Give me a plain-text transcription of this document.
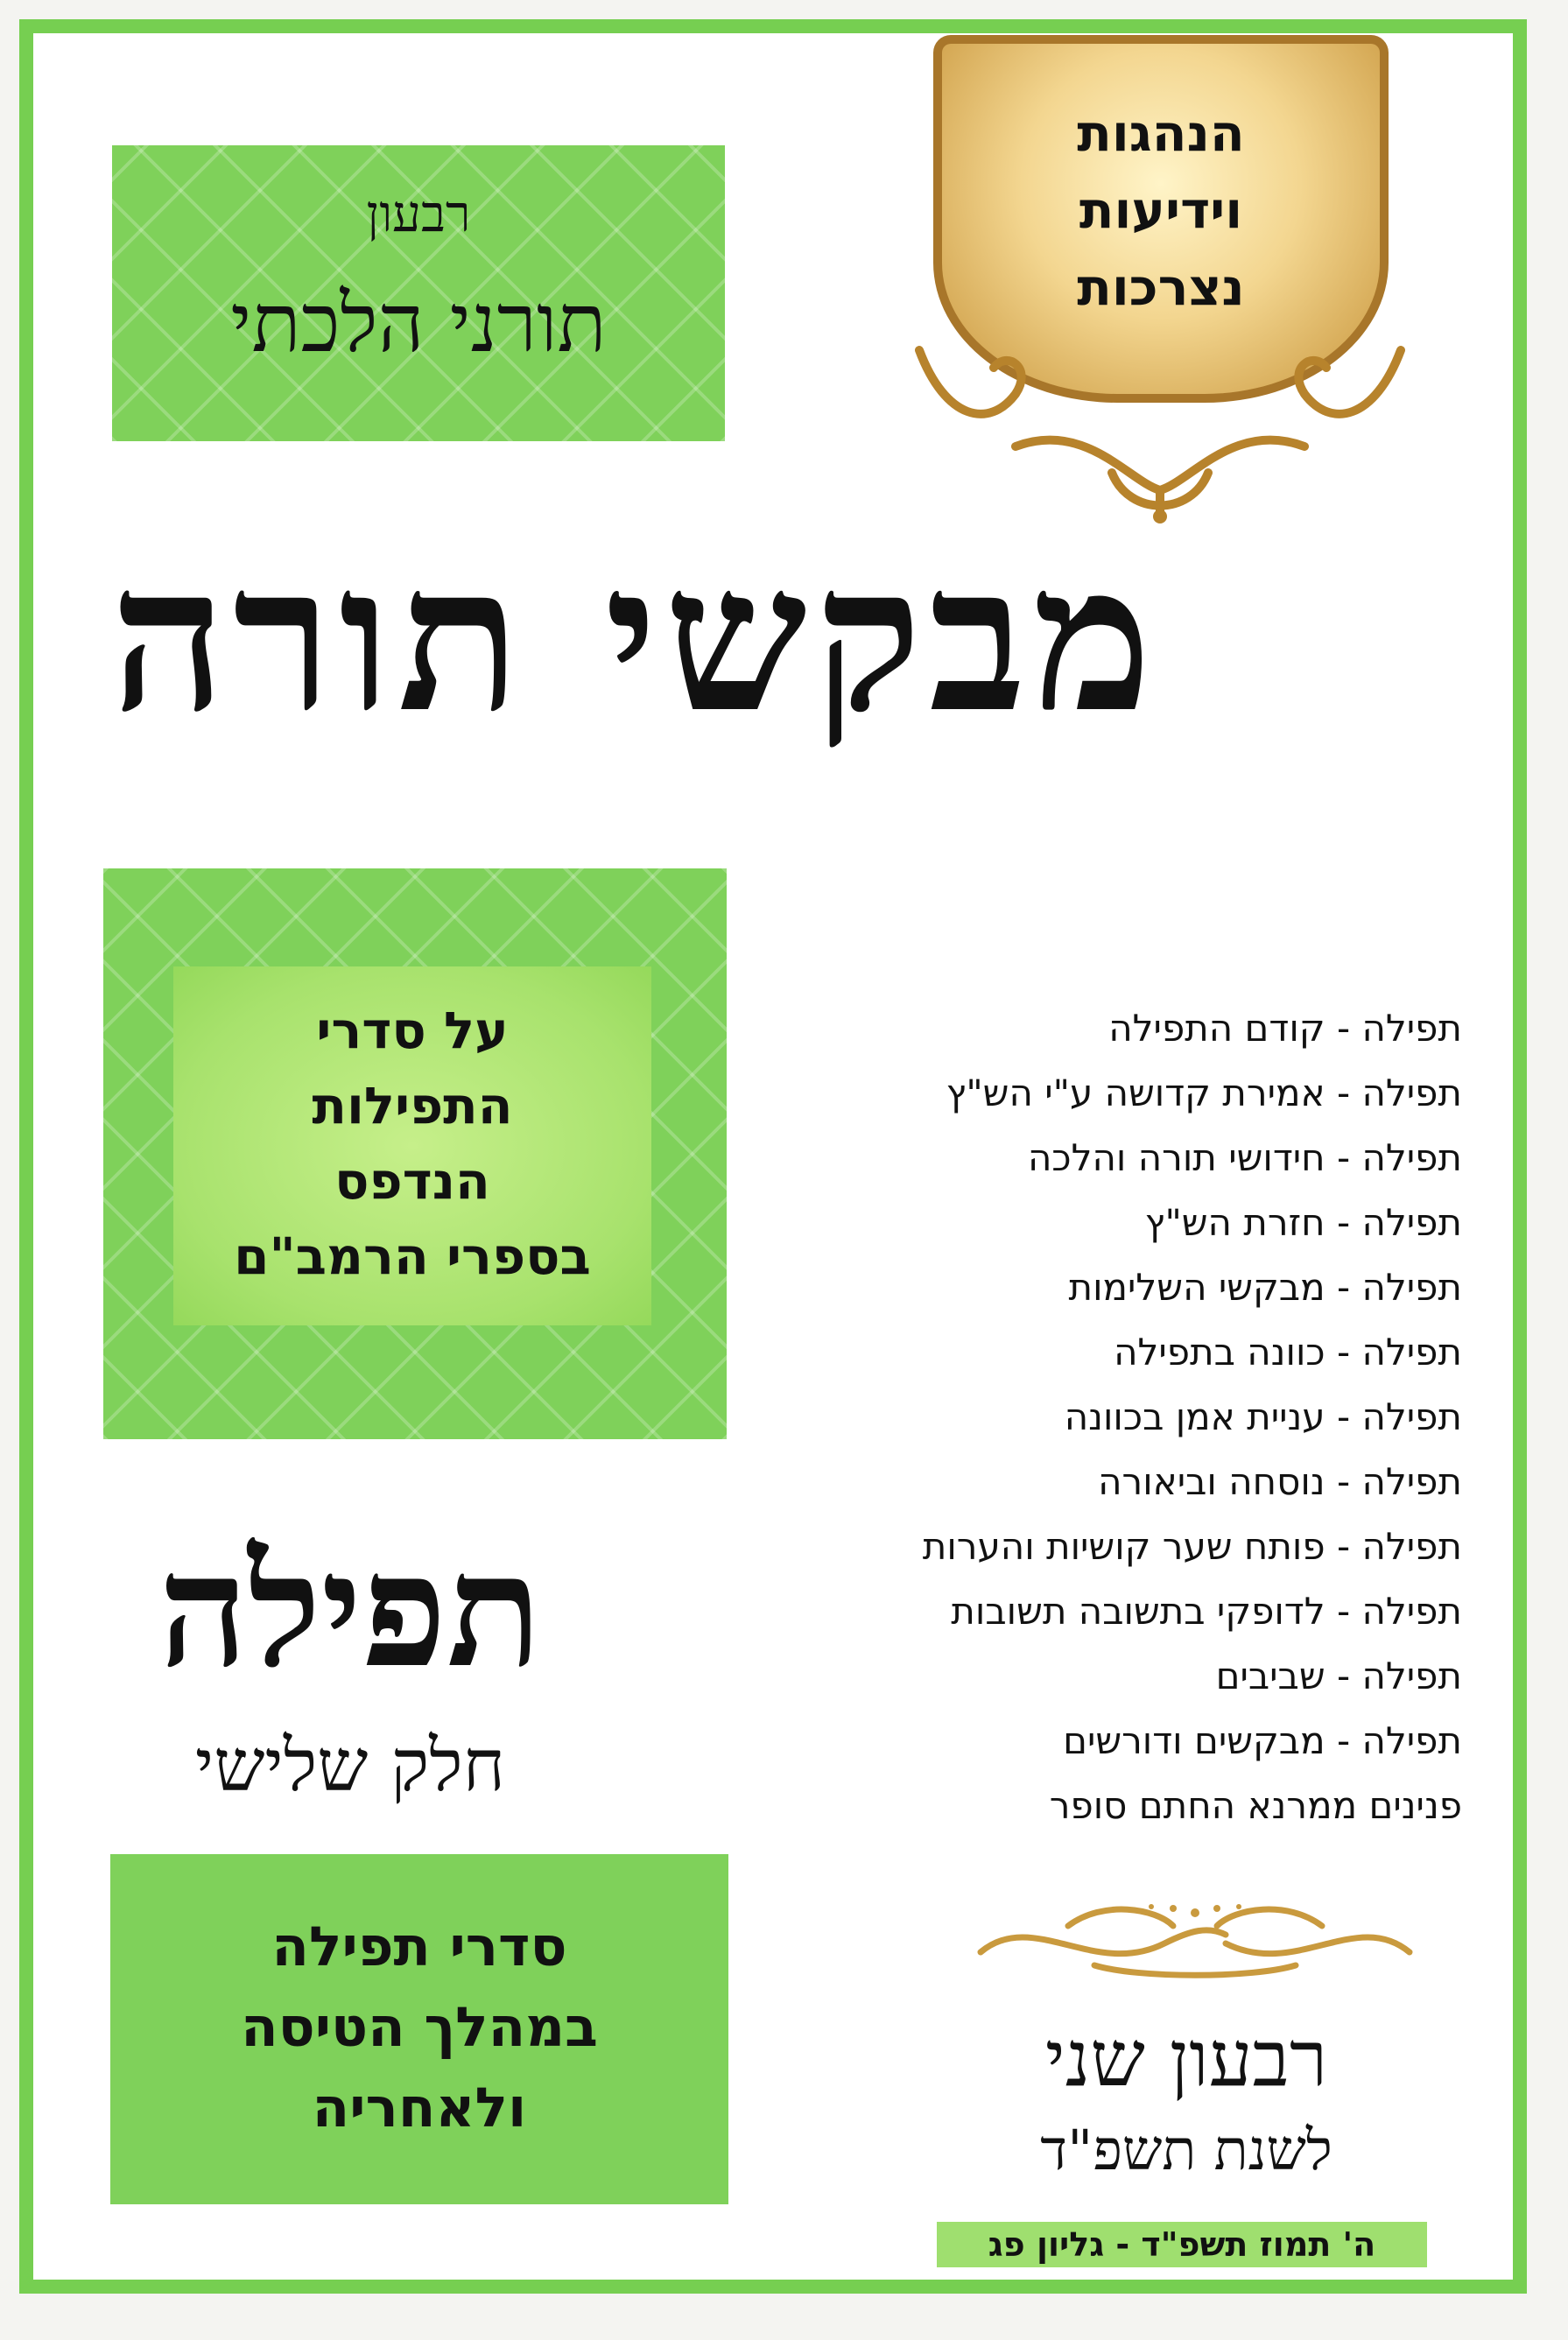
רבעון
תורני הלכתי
הנהגות
וידיעות
נצרכות
מבקשי תורה
על סדרי
התפילות
הנדפס
בספרי הרמב"ם
תפילה - קודם התפילה
תפילה - אמירת קדושה ע"י הש"ץ
תפילה - חידושי תורה והלכה
תפילה - חזרת הש"ץ
תפילה - מבקשי השלימות
תפילה - כוונה בתפילה
תפילה - עניית אמן בכוונה
תפילה - נוסחה וביאורה
תפילה - פותח שער קושיות והערות
תפילה - לדופקי בתשובה תשובות
תפילה - שביבים
תפילה - מבקשים ודורשים
פנינים ממרנא החתם סופר
תפילה
חלק שלישי
סדרי תפילה
במהלך הטיסה
ולאחריה
רבעון שני
לשנת תשפ"ד
ה' תמוז תשפ"ד - גליון פג
